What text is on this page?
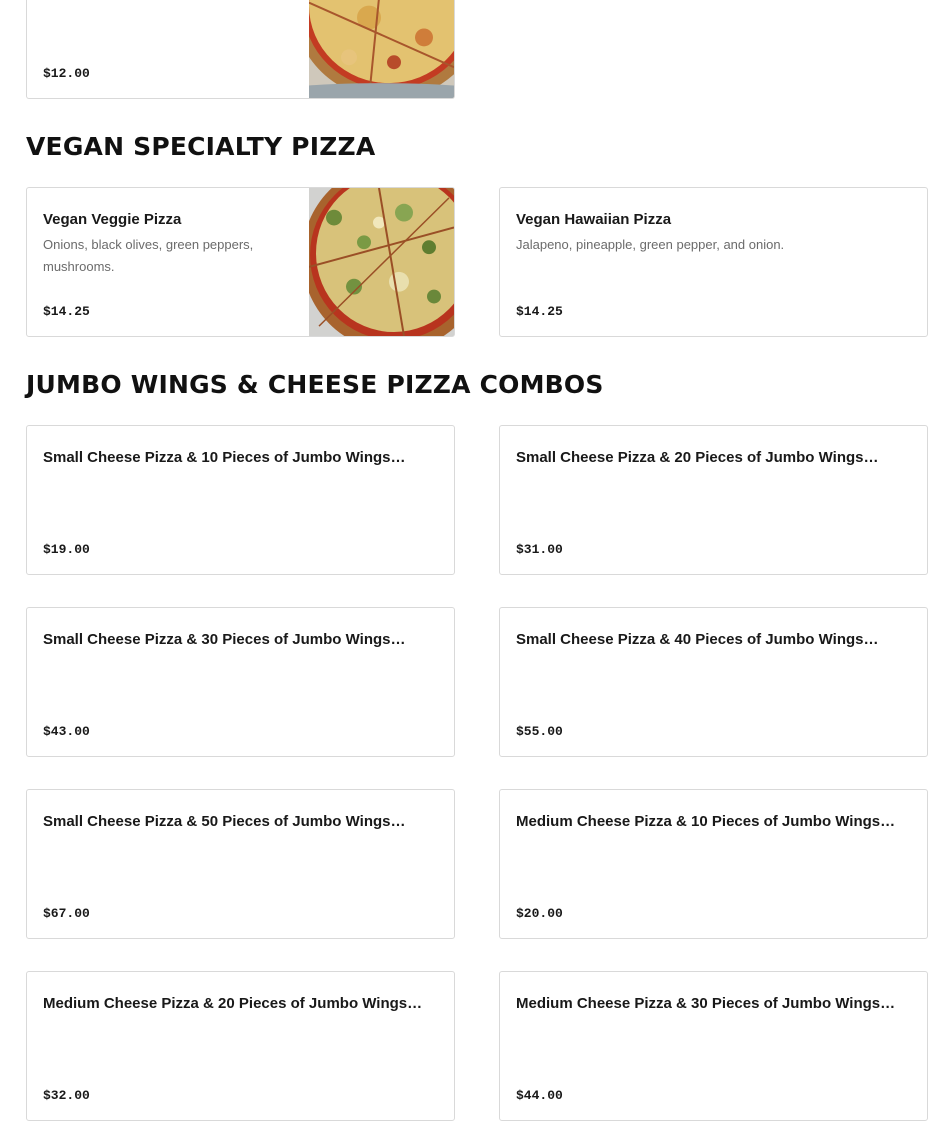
$12.00
VEGAN SPECIALTY PIZZA
Vegan Veggie Pizza
Onions, black olives, green peppers, mushrooms.
$14.25
Vegan Hawaiian Pizza
Jalapeno, pineapple, green pepper, and onion.
$14.25
JUMBO WINGS & CHEESE PIZZA COMBOS
Small Cheese Pizza & 10 Pieces of Jumbo Wings…
$19.00
Small Cheese Pizza & 20 Pieces of Jumbo Wings…
$31.00
Small Cheese Pizza & 30 Pieces of Jumbo Wings…
$43.00
Small Cheese Pizza & 40 Pieces of Jumbo Wings…
$55.00
Small Cheese Pizza & 50 Pieces of Jumbo Wings…
$67.00
Medium Cheese Pizza & 10 Pieces of Jumbo Wings…
$20.00
Medium Cheese Pizza & 20 Pieces of Jumbo Wings…
$32.00
Medium Cheese Pizza & 30 Pieces of Jumbo Wings…
$44.00
